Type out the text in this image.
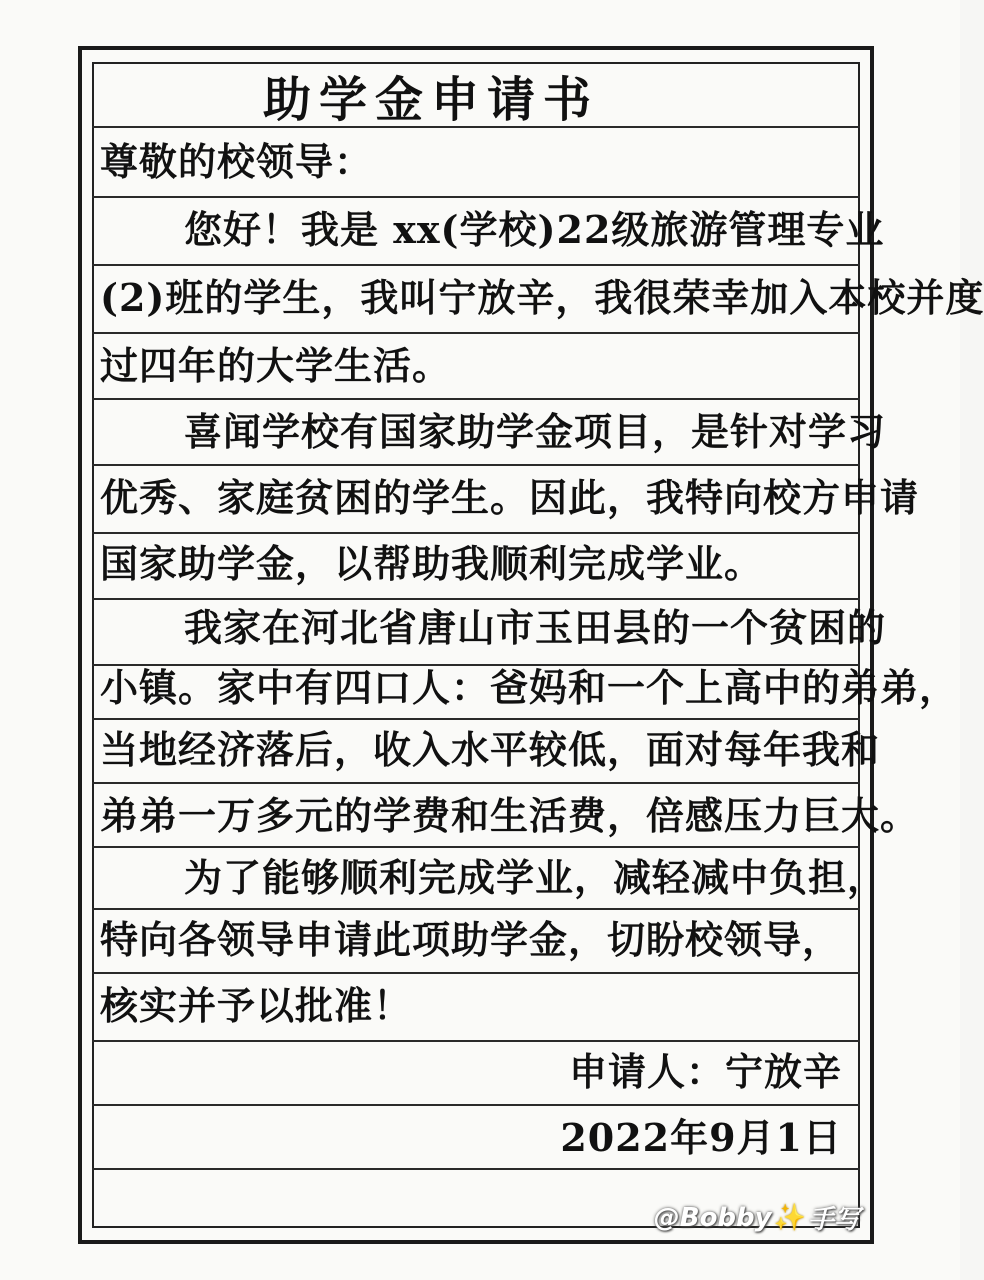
助学金申请书
尊敬的校领导：
您好！我是 xx(学校)22级旅游管理专业
(2)班的学生，我叫宁放辛，我很荣幸加入本校并度
过四年的大学生活。
喜闻学校有国家助学金项目，是针对学习
优秀、家庭贫困的学生。因此，我特向校方申请
国家助学金，以帮助我顺利完成学业。
我家在河北省唐山市玉田县的一个贫困的
小镇。家中有四口人：爸妈和一个上高中的弟弟，
当地经济落后，收入水平较低，面对每年我和
弟弟一万多元的学费和生活费，倍感压力巨大。
为了能够顺利完成学业，减轻减中负担，
特向各领导申请此项助学金，切盼校领导，
核实并予以批准！
申请人：宁放辛
2022年9月1日
@Bobby ✨ 手写
